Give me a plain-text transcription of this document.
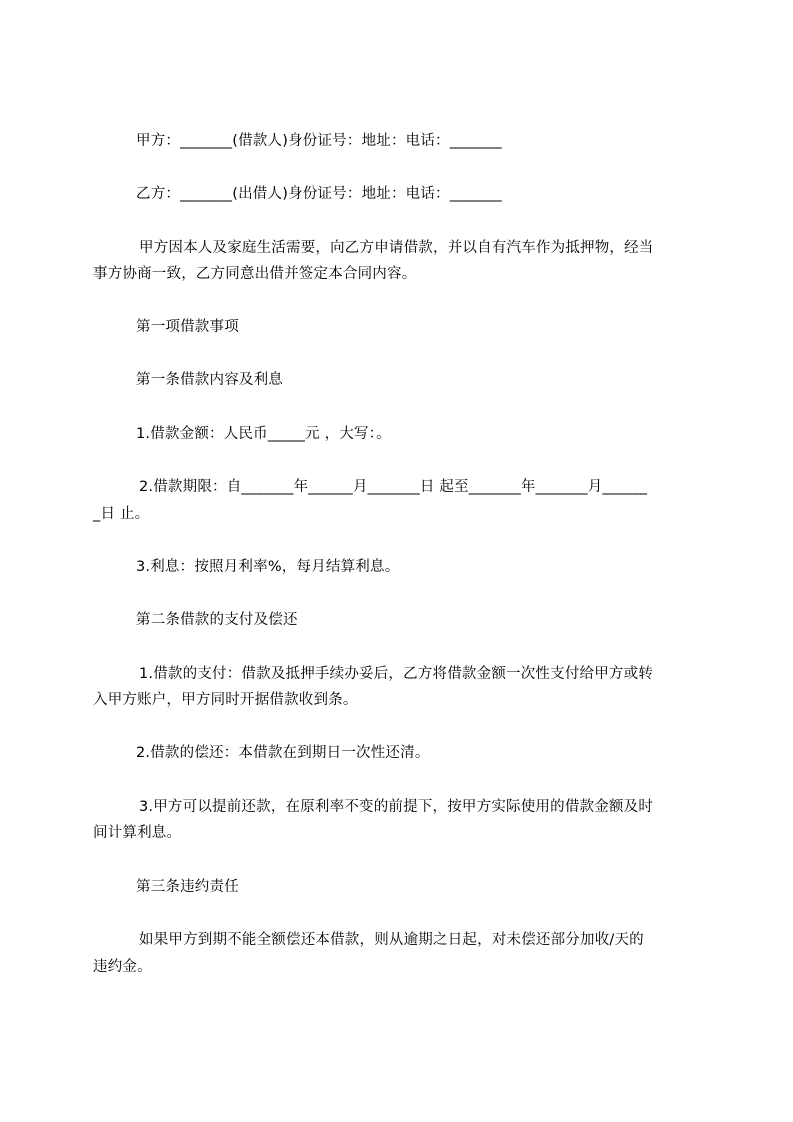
甲方：_______(借款人)身份证号：地址：电话：_______
乙方：_______(出借人)身份证号：地址：电话：_______
甲方因本人及家庭生活需要，向乙方申请借款，并以自有汽车作为抵押物，经当
事方协商一致，乙方同意出借并签定本合同内容。
第一项借款事项
第一条借款内容及利息
1.借款金额：人民币_____元 ，大写：。
2.借款期限：自_______年______月_______日 起至_______年_______月______
_日 止。
3.利息：按照月利率%，每月结算利息。
第二条借款的支付及偿还
1.借款的支付：借款及抵押手续办妥后，乙方将借款金额一次性支付给甲方或转
入甲方账户，甲方同时开据借款收到条。
2.借款的偿还：本借款在到期日一次性还清。
3.甲方可以提前还款，在原利率不变的前提下，按甲方实际使用的借款金额及时
间计算利息。
第三条违约责任
如果甲方到期不能全额偿还本借款，则从逾期之日起，对未偿还部分加收/天的
违约金。
